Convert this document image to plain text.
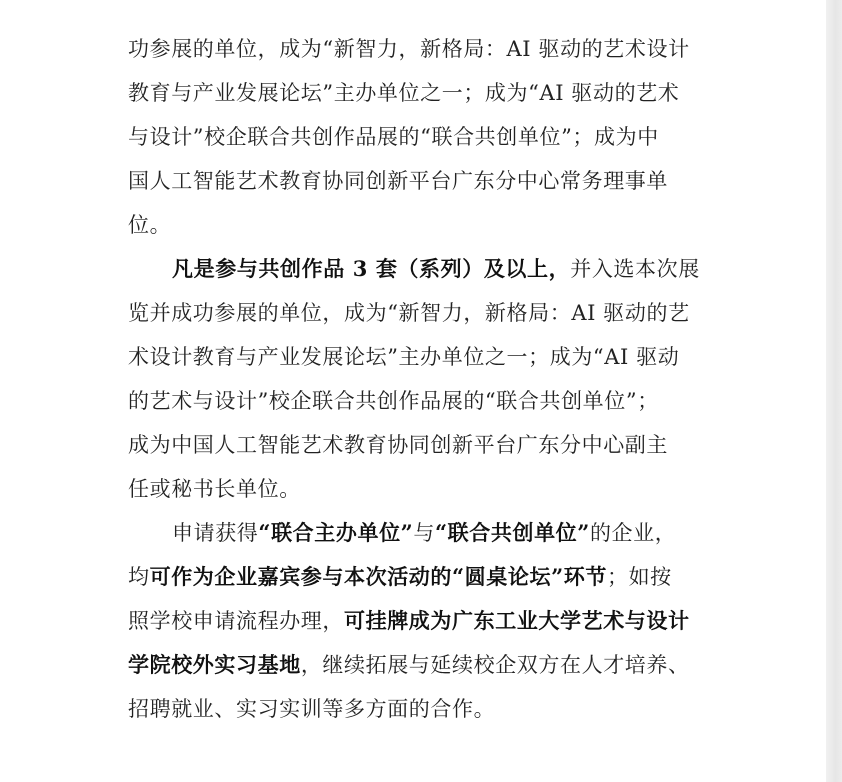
功参展的单位，成为“新智力，新格局：AI 驱动的艺术设计
教育与产业发展论坛”主办单位之一；成为“AI 驱动的艺术
与设计”校企联合共创作品展的“联合共创单位”；成为中
国人工智能艺术教育协同创新平台广东分中心常务理事单
位。
凡是参与共创作品 3 套（系列）及以上，并入选本次展
览并成功参展的单位，成为“新智力，新格局：AI 驱动的艺
术设计教育与产业发展论坛”主办单位之一；成为“AI 驱动
的艺术与设计”校企联合共创作品展的“联合共创单位”；
成为中国人工智能艺术教育协同创新平台广东分中心副主
任或秘书长单位。
申请获得“联合主办单位”与“联合共创单位”的企业，
均可作为企业嘉宾参与本次活动的“圆桌论坛”环节；如按
照学校申请流程办理，可挂牌成为广东工业大学艺术与设计
学院校外实习基地，继续拓展与延续校企双方在人才培养、
招聘就业、实习实训等多方面的合作。
